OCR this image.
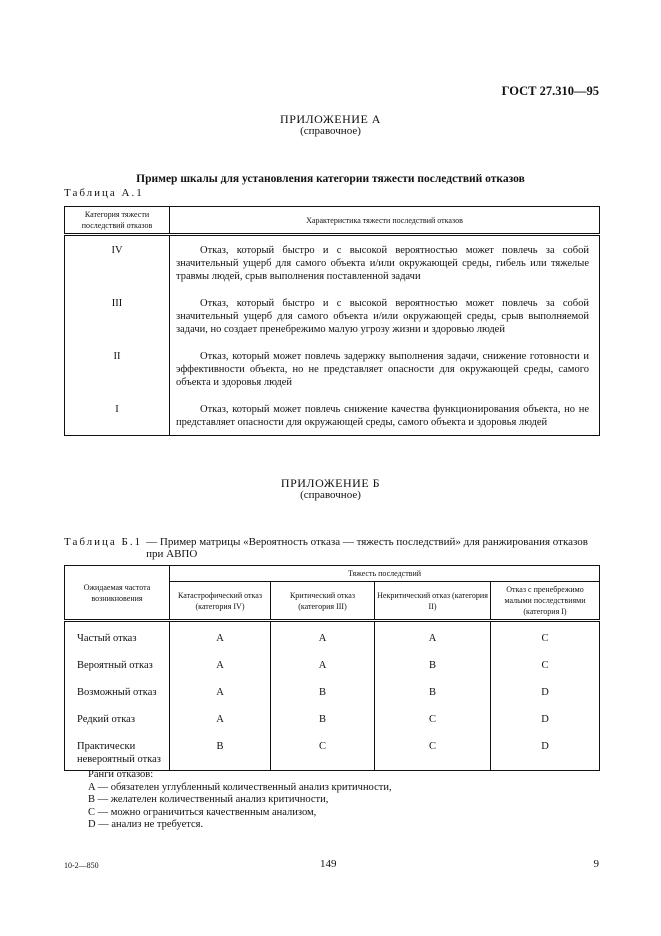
ГОСТ 27.310—95
ПРИЛОЖЕНИЕ А
(справочное)
Пример шкалы для установления категории тяжести последствий отказов
Таблица А.1
Категория тяжести последствий отказов	Характеристика тяжести последствий отказов
IV	Отказ, который быстро и с высокой вероятностью может повлечь за собой значительный ущерб для самого объекта и/или окружающей среды, гибель или тяжелые травмы людей, срыв выполнения поставленной задачи

III	Отказ, который быстро и с высокой вероятностью может повлечь за собой значительный ущерб для самого объекта и/или окружающей среды, срыв выполняемой задачи, но создает пренебрежимо малую угрозу жизни и здоровью людей

II	Отказ, который может повлечь задержку выполнения задачи, снижение готовности и эффективности объекта, но не представляет опасности для окружающей среды, самого объекта и здоровья людей

I	Отказ, который может повлечь снижение качества функционирования объекта, но не представляет опасности для окружающей среды, самого объекта и здоровья людей
ПРИЛОЖЕНИЕ Б
(справочное)
Таблица Б.1 — Пример матрицы «Вероятность отказа — тяжесть последствий» для ранжирования отказов при АВПО
Ожидаемая частота возникновения	Тяжесть последствий			
	Катастрофический отказ (категория IV)	Критический отказ (категория III)	Некритический отказ (категория II)	Отказ с пренебрежимо малыми последствиями (категория I)
Частый отказ	A	A	A	C
Вероятный отказ	A	A	B	C
Возможный отказ	A	B	B	D
Редкий отказ	A	B	C	D
Практически невероятный отказ	B	C	C	D
Ранги отказов:
A — обязателен углубленный количественный анализ критичности,
B — желателен количественный анализ критичности,
C — можно ограничиться качественным анализом,
D — анализ не требуется.
10-2—850	149	9
